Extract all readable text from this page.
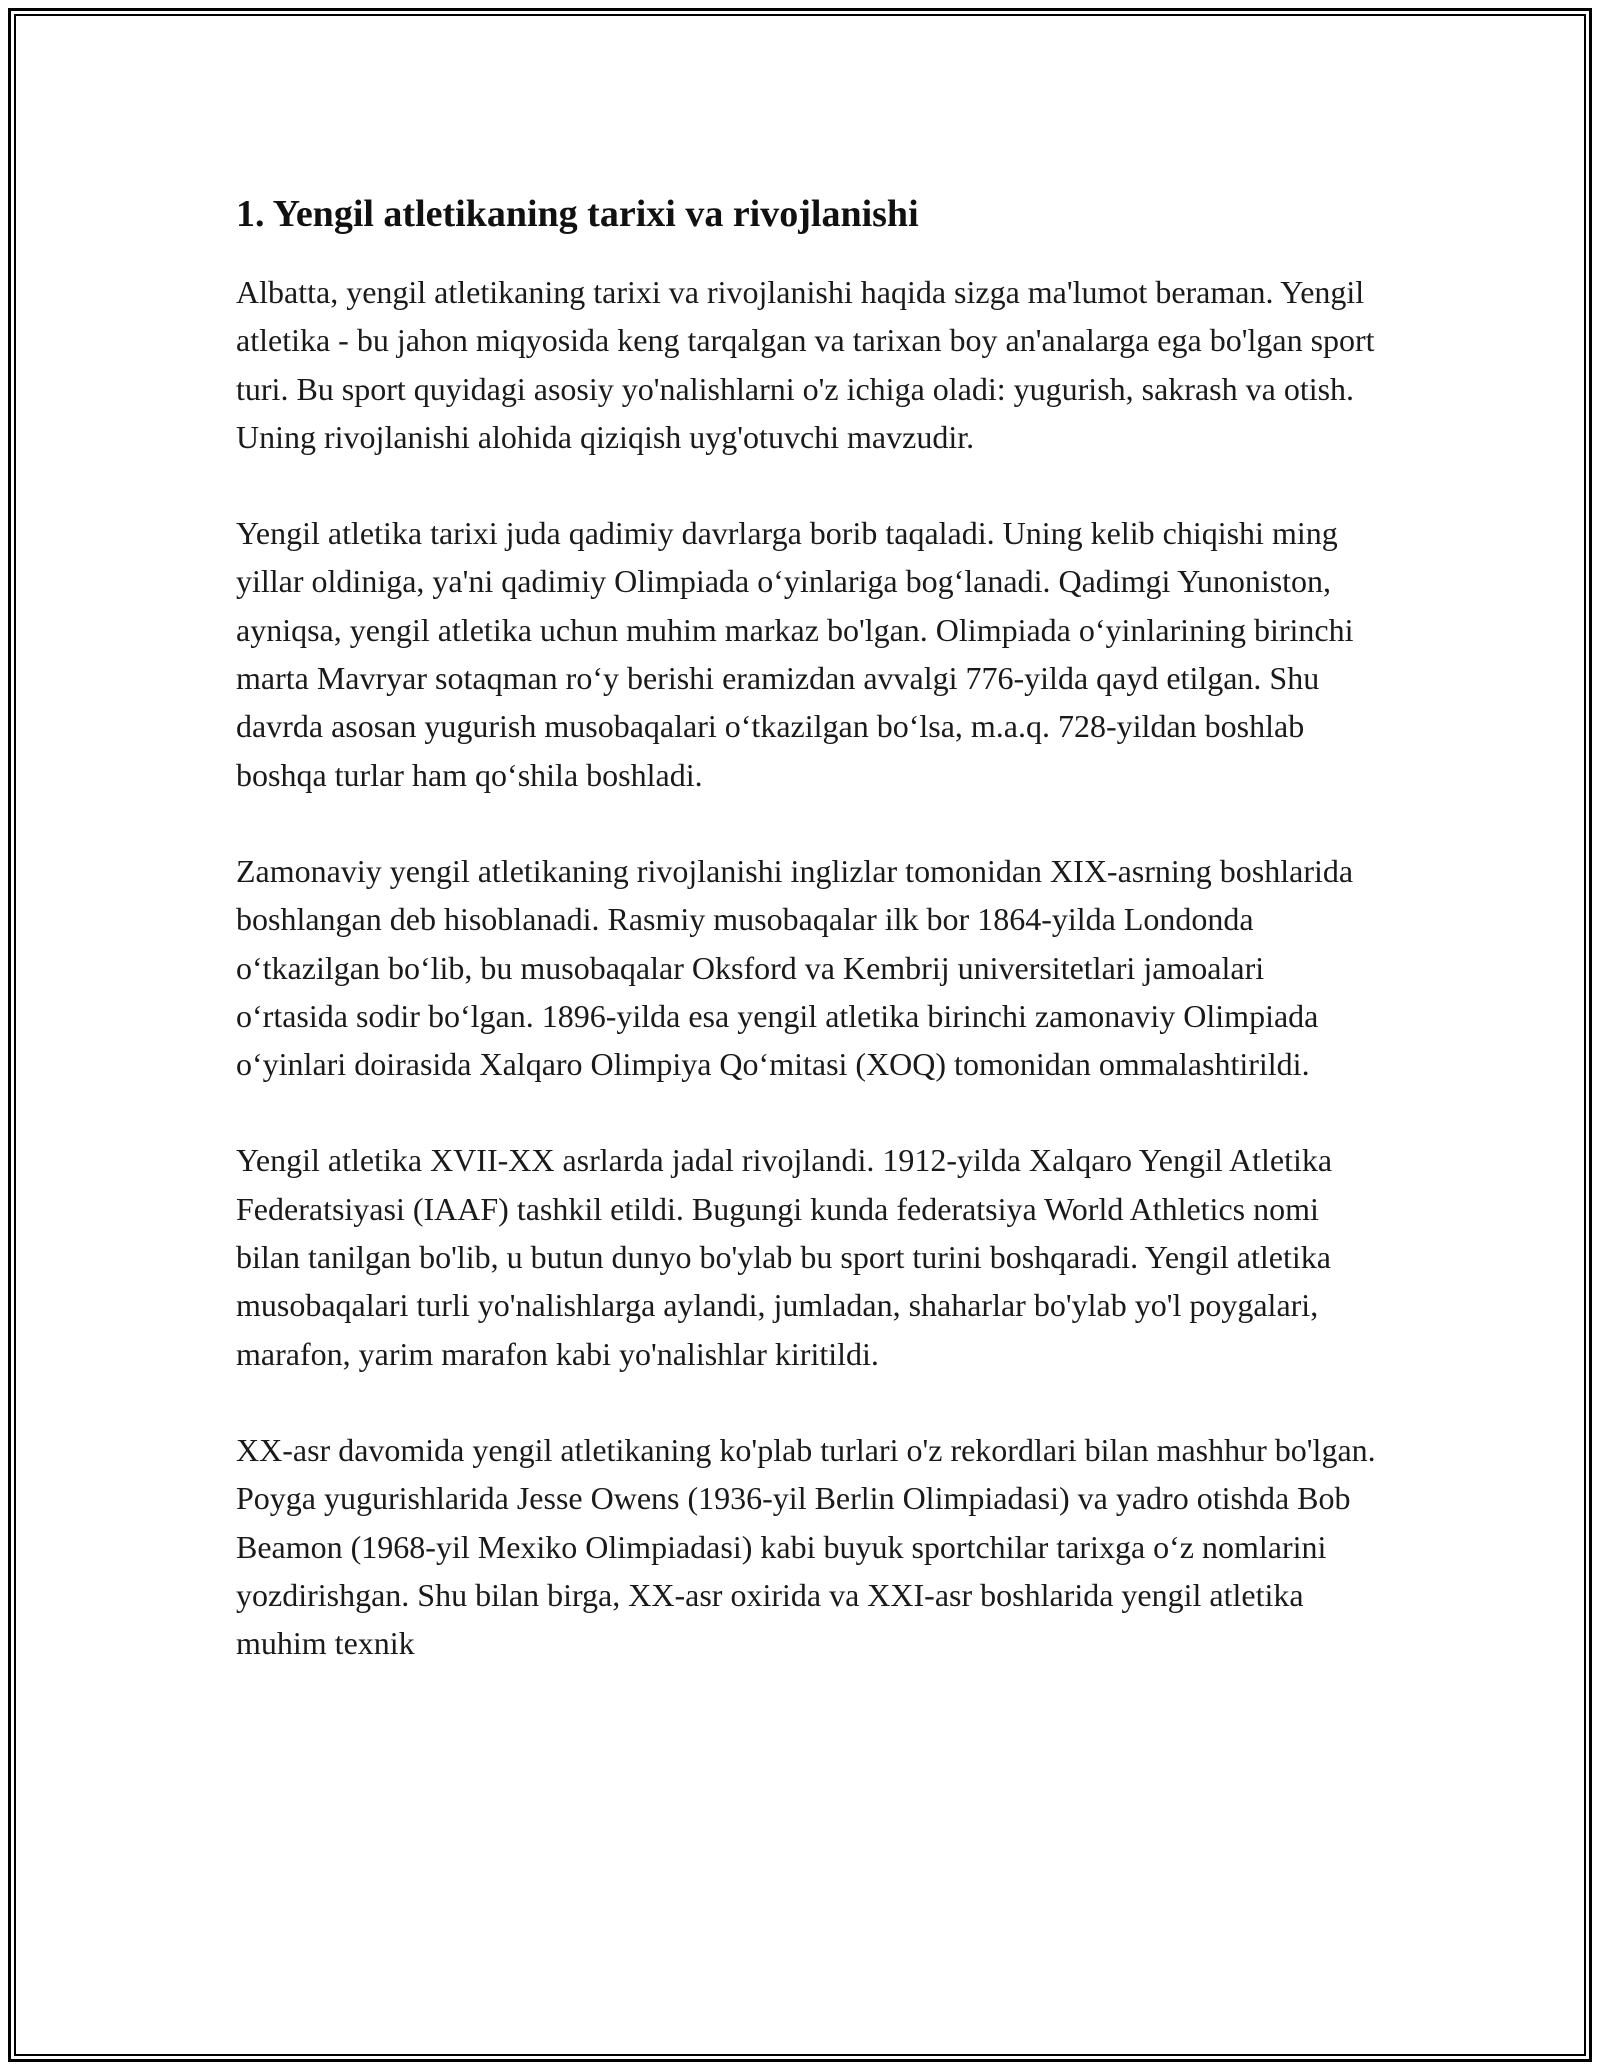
1. Yengil atletikaning tarixi va rivojlanishi

Albatta, yengil atletikaning tarixi va rivojlanishi haqida sizga ma'lumot beraman. Yengil atletika - bu jahon miqyosida keng tarqalgan va tarixan boy an'analarga ega bo'lgan sport turi. Bu sport quyidagi asosiy yo'nalishlarni o'z ichiga oladi: yugurish, sakrash va otish. Uning rivojlanishi alohida qiziqish uyg'otuvchi mavzudir.

Yengil atletika tarixi juda qadimiy davrlarga borib taqaladi. Uning kelib chiqishi ming yillar oldiniga, ya'ni qadimiy Olimpiada o‘yinlariga bog‘lanadi. Qadimgi Yunoniston, ayniqsa, yengil atletika uchun muhim markaz bo'lgan. Olimpiada o‘yinlarining birinchi marta Mavryar sotaqman ro‘y berishi eramizdan avvalgi 776-yilda qayd etilgan. Shu davrda asosan yugurish musobaqalari o‘tkazilgan bo‘lsa, m.a.q. 728-yildan boshlab boshqa turlar ham qo‘shila boshladi.

Zamonaviy yengil atletikaning rivojlanishi inglizlar tomonidan XIX-asrning boshlarida boshlangan deb hisoblanadi. Rasmiy musobaqalar ilk bor 1864-yilda Londonda o‘tkazilgan bo‘lib, bu musobaqalar Oksford va Kembrij universitetlari jamoalari o‘rtasida sodir bo‘lgan. 1896-yilda esa yengil atletika birinchi zamonaviy Olimpiada o‘yinlari doirasida Xalqaro Olimpiya Qo‘mitasi (XOQ) tomonidan ommalashtirildi.

Yengil atletika XVII-XX asrlarda jadal rivojlandi. 1912-yilda Xalqaro Yengil Atletika Federatsiyasi (IAAF) tashkil etildi. Bugungi kunda federatsiya World Athletics nomi bilan tanilgan bo'lib, u butun dunyo bo'ylab bu sport turini boshqaradi. Yengil atletika musobaqalari turli yo'nalishlarga aylandi, jumladan, shaharlar bo'ylab yo'l poygalari, marafon, yarim marafon kabi yo'nalishlar kiritildi.

XX-asr davomida yengil atletikaning ko'plab turlari o'z rekordlari bilan mashhur bo'lgan. Poyga yugurishlarida Jesse Owens (1936-yil Berlin Olimpiadasi) va yadro otishda Bob Beamon (1968-yil Mexiko Olimpiadasi) kabi buyuk sportchilar tarixga o‘z nomlarini yozdirishgan. Shu bilan birga, XX-asr oxirida va XXI-asr boshlarida yengil atletika muhim texnik
